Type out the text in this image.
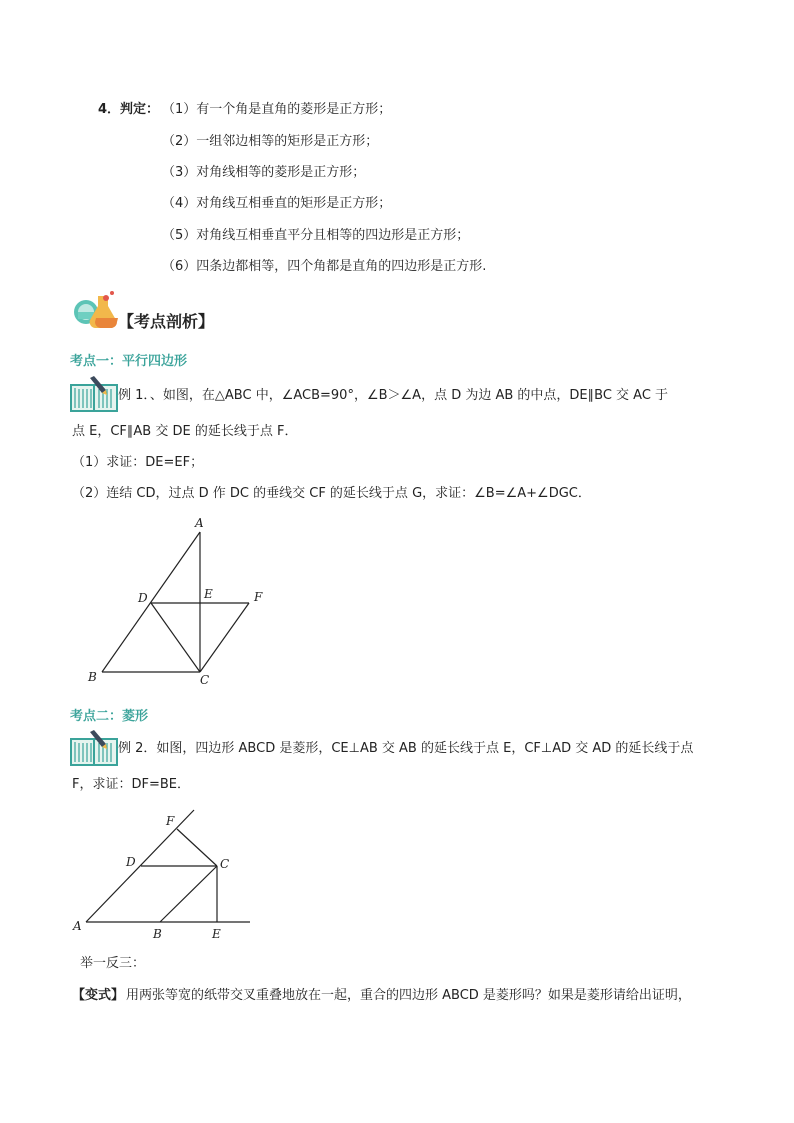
4．判定： （1）有一个角是直角的菱形是正方形；
（2）一组邻边相等的矩形是正方形；
（3）对角线相等的菱形是正方形；
（4）对角线互相垂直的矩形是正方形；
（5）对角线互相垂直平分且相等的四边形是正方形；
（6）四条边都相等，四个角都是直角的四边形是正方形.
【考点剖析】
考点一：平行四边形
例 1．、如图，在△ABC 中，∠ACB=90°，∠B＞∠A，点 D 为边 AB 的中点，DE∥BC 交 AC 于
点 E，CF∥AB 交 DE 的延长线于点 F．
（1）求证：DE=EF；
（2）连结 CD，过点 D 作 DC 的垂线交 CF 的延长线于点 G，求证：∠B=∠A+∠DGC．
A
D	E	F
B	C
F
D	C
A
B	E
考点二：菱形
例 2．如图，四边形 ABCD 是菱形，CE⊥AB 交 AB 的延长线于点 E，CF⊥AD 交 AD 的延长线于点
F，求证：DF=BE．
举一反三：
【变式】 用两张等宽的纸带交叉重叠地放在一起，重合的四边形 ABCD 是菱形吗？如果是菱形请给出证明，
